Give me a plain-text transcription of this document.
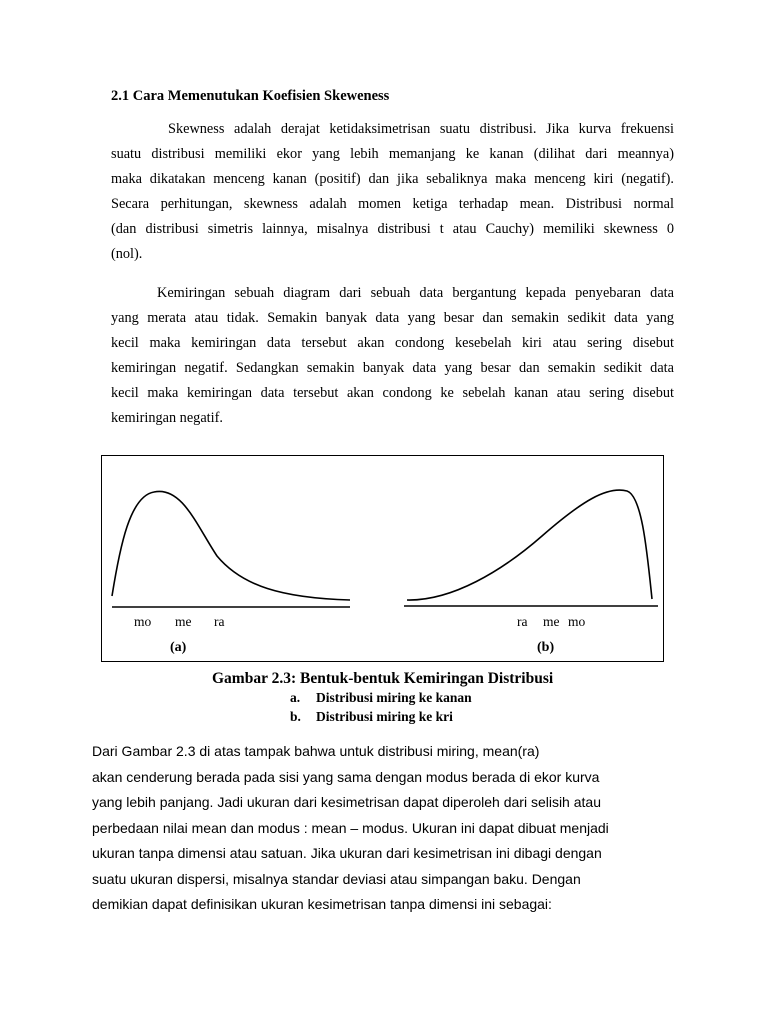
2.1 Cara Memenutukan Koefisien Skeweness

Skewness adalah derajat ketidaksimetrisan suatu distribusi. Jika kurva frekuensi
suatu distribusi memiliki ekor yang lebih memanjang ke kanan (dilihat dari meannya)
maka dikatakan menceng kanan (positif) dan jika sebaliknya maka menceng kiri (negatif).
Secara perhitungan, skewness adalah momen ketiga terhadap mean. Distribusi normal
(dan distribusi simetris lainnya, misalnya distribusi t atau Cauchy) memiliki skewness 0
(nol).

Kemiringan sebuah diagram dari sebuah data bergantung kepada penyebaran data
yang merata atau tidak. Semakin banyak data yang besar dan semakin sedikit data yang
kecil maka kemiringan data tersebut akan condong kesebelah kiri atau sering disebut
kemiringan negatif. Sedangkan semakin banyak data yang besar dan semakin sedikit data
kecil maka kemiringan data tersebut akan condong ke sebelah kanan atau sering disebut
kemiringan negatif.

mo me ra	ra me mo
(a)	(b)

Gambar 2.3: Bentuk-bentuk Kemiringan Distribusi

a. Distribusi miring ke kanan
b. Distribusi miring ke kri

Dari Gambar 2.3 di atas tampak bahwa untuk distribusi miring, mean(ra)
akan cenderung berada pada sisi yang sama dengan modus berada di ekor kurva
yang lebih panjang. Jadi ukuran dari kesimetrisan dapat diperoleh dari selisih atau
perbedaan nilai mean dan modus : mean – modus. Ukuran ini dapat dibuat menjadi
ukuran tanpa dimensi atau satuan. Jika ukuran dari kesimetrisan ini dibagi dengan
suatu ukuran dispersi, misalnya standar deviasi atau simpangan baku. Dengan
demikian dapat definisikan ukuran kesimetrisan tanpa dimensi ini sebagai:
